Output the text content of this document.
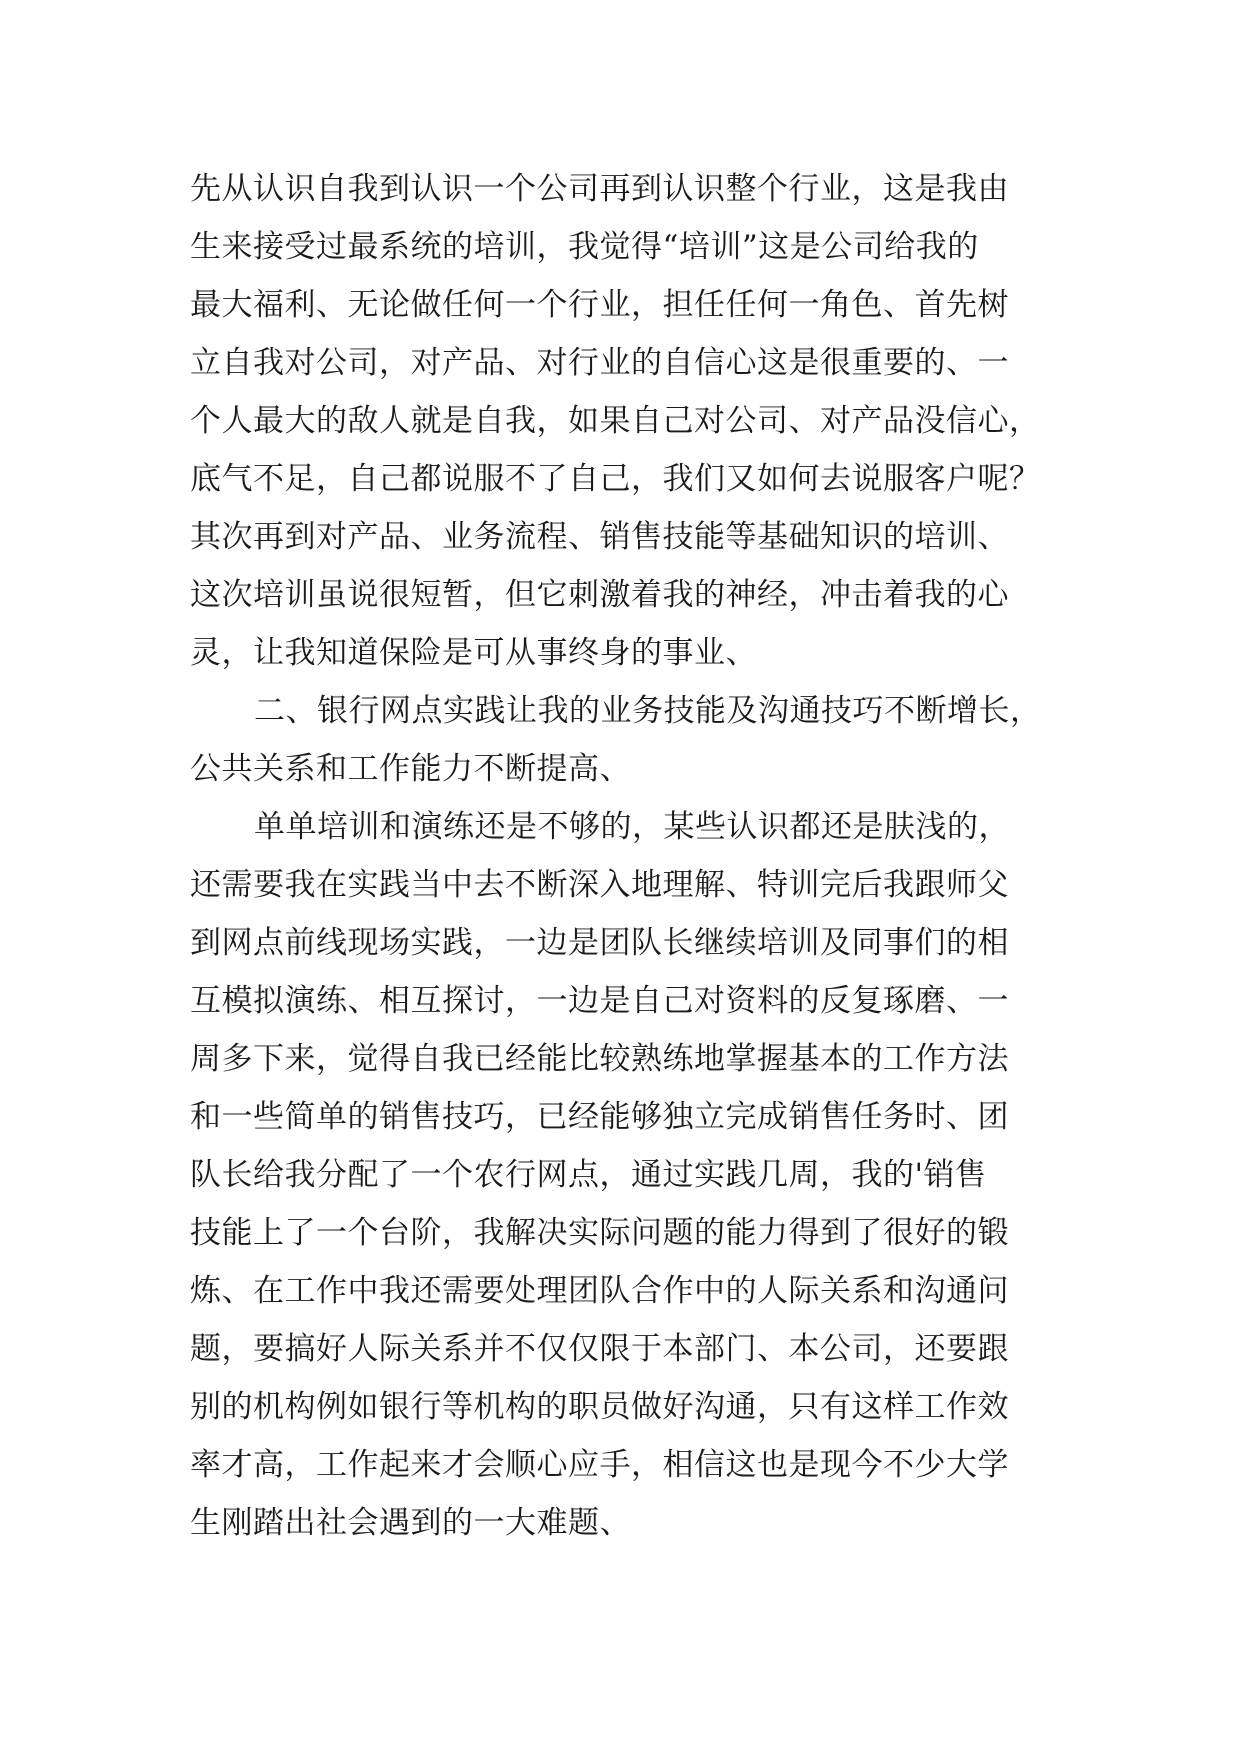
先从认识自我到认识一个公司再到认识整个行业，这是我由
生来接受过最系统的培训，我觉得“培训”这是公司给我的
最大福利、无论做任何一个行业，担任任何一角色、首先树
立自我对公司，对产品、对行业的自信心这是很重要的、一
个人最大的敌人就是自我，如果自己对公司、对产品没信心，
底气不足，自己都说服不了自己，我们又如何去说服客户呢？
其次再到对产品、业务流程、销售技能等基础知识的培训、
这次培训虽说很短暂，但它刺激着我的神经，冲击着我的心
灵，让我知道保险是可从事终身的事业、
二、银行网点实践让我的业务技能及沟通技巧不断增长，
公共关系和工作能力不断提高、
单单培训和演练还是不够的，某些认识都还是肤浅的，
还需要我在实践当中去不断深入地理解、特训完后我跟师父
到网点前线现场实践，一边是团队长继续培训及同事们的相
互模拟演练、相互探讨，一边是自己对资料的反复琢磨、一
周多下来，觉得自我已经能比较熟练地掌握基本的工作方法
和一些简单的销售技巧，已经能够独立完成销售任务时、团
队长给我分配了一个农行网点，通过实践几周，我的'销售
技能上了一个台阶，我解决实际问题的能力得到了很好的锻
炼、在工作中我还需要处理团队合作中的人际关系和沟通问
题，要搞好人际关系并不仅仅限于本部门、本公司，还要跟
别的机构例如银行等机构的职员做好沟通，只有这样工作效
率才高，工作起来才会顺心应手，相信这也是现今不少大学
生刚踏出社会遇到的一大难题、
